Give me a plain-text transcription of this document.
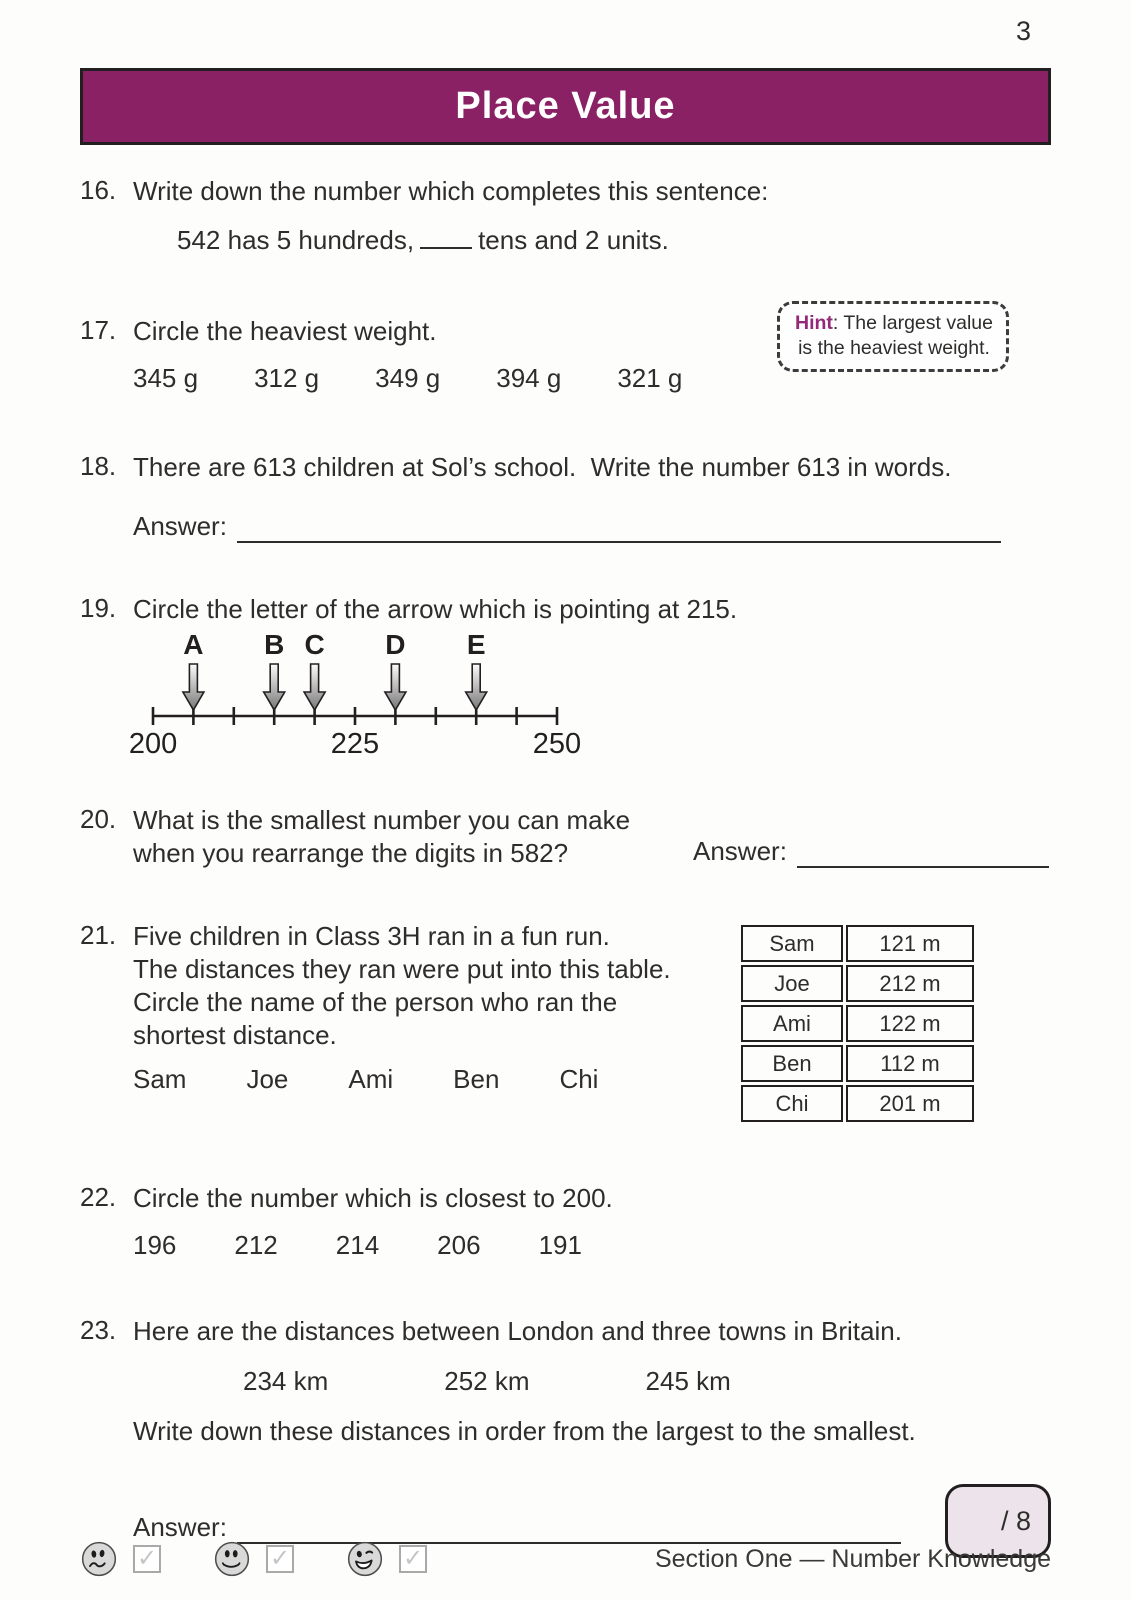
3
Place Value
16. Write down the number which completes this sentence:

542 has 5 hundreds, tens and 2 units.

17. Circle the heaviest weight.

345 g 312 g 349 g 394 g 321 g
Hint: The largest value is the heaviest weight.
18. There are 613 children at Sol’s school.  Write the number 613 in words.

Answer:
19. Circle the letter of the arrow which is pointing at 215.

200	225	250
A B C D E
20. What is the smallest number you can make

when you rearrange the digits in 582?	Answer:
21. Five children in Class 3H ran in a fun run.

The distances they ran were put into this table.

Circle the name of the person who ran the

shortest distance.

Sam Joe Ami Ben Chi
Sam	121 m
Joe	212 m
Ami	122 m
Ben	112 m
Chi	201 m
22. Circle the number which is closest to 200.

196 212 214 206 191
23. Here are the distances between London and three towns in Britain.

234 km	252 km	245 km

Write down these distances in order from the largest to the smallest.

Answer:	/ 8
✓	✓	✓	Section One — Number Knowledge
